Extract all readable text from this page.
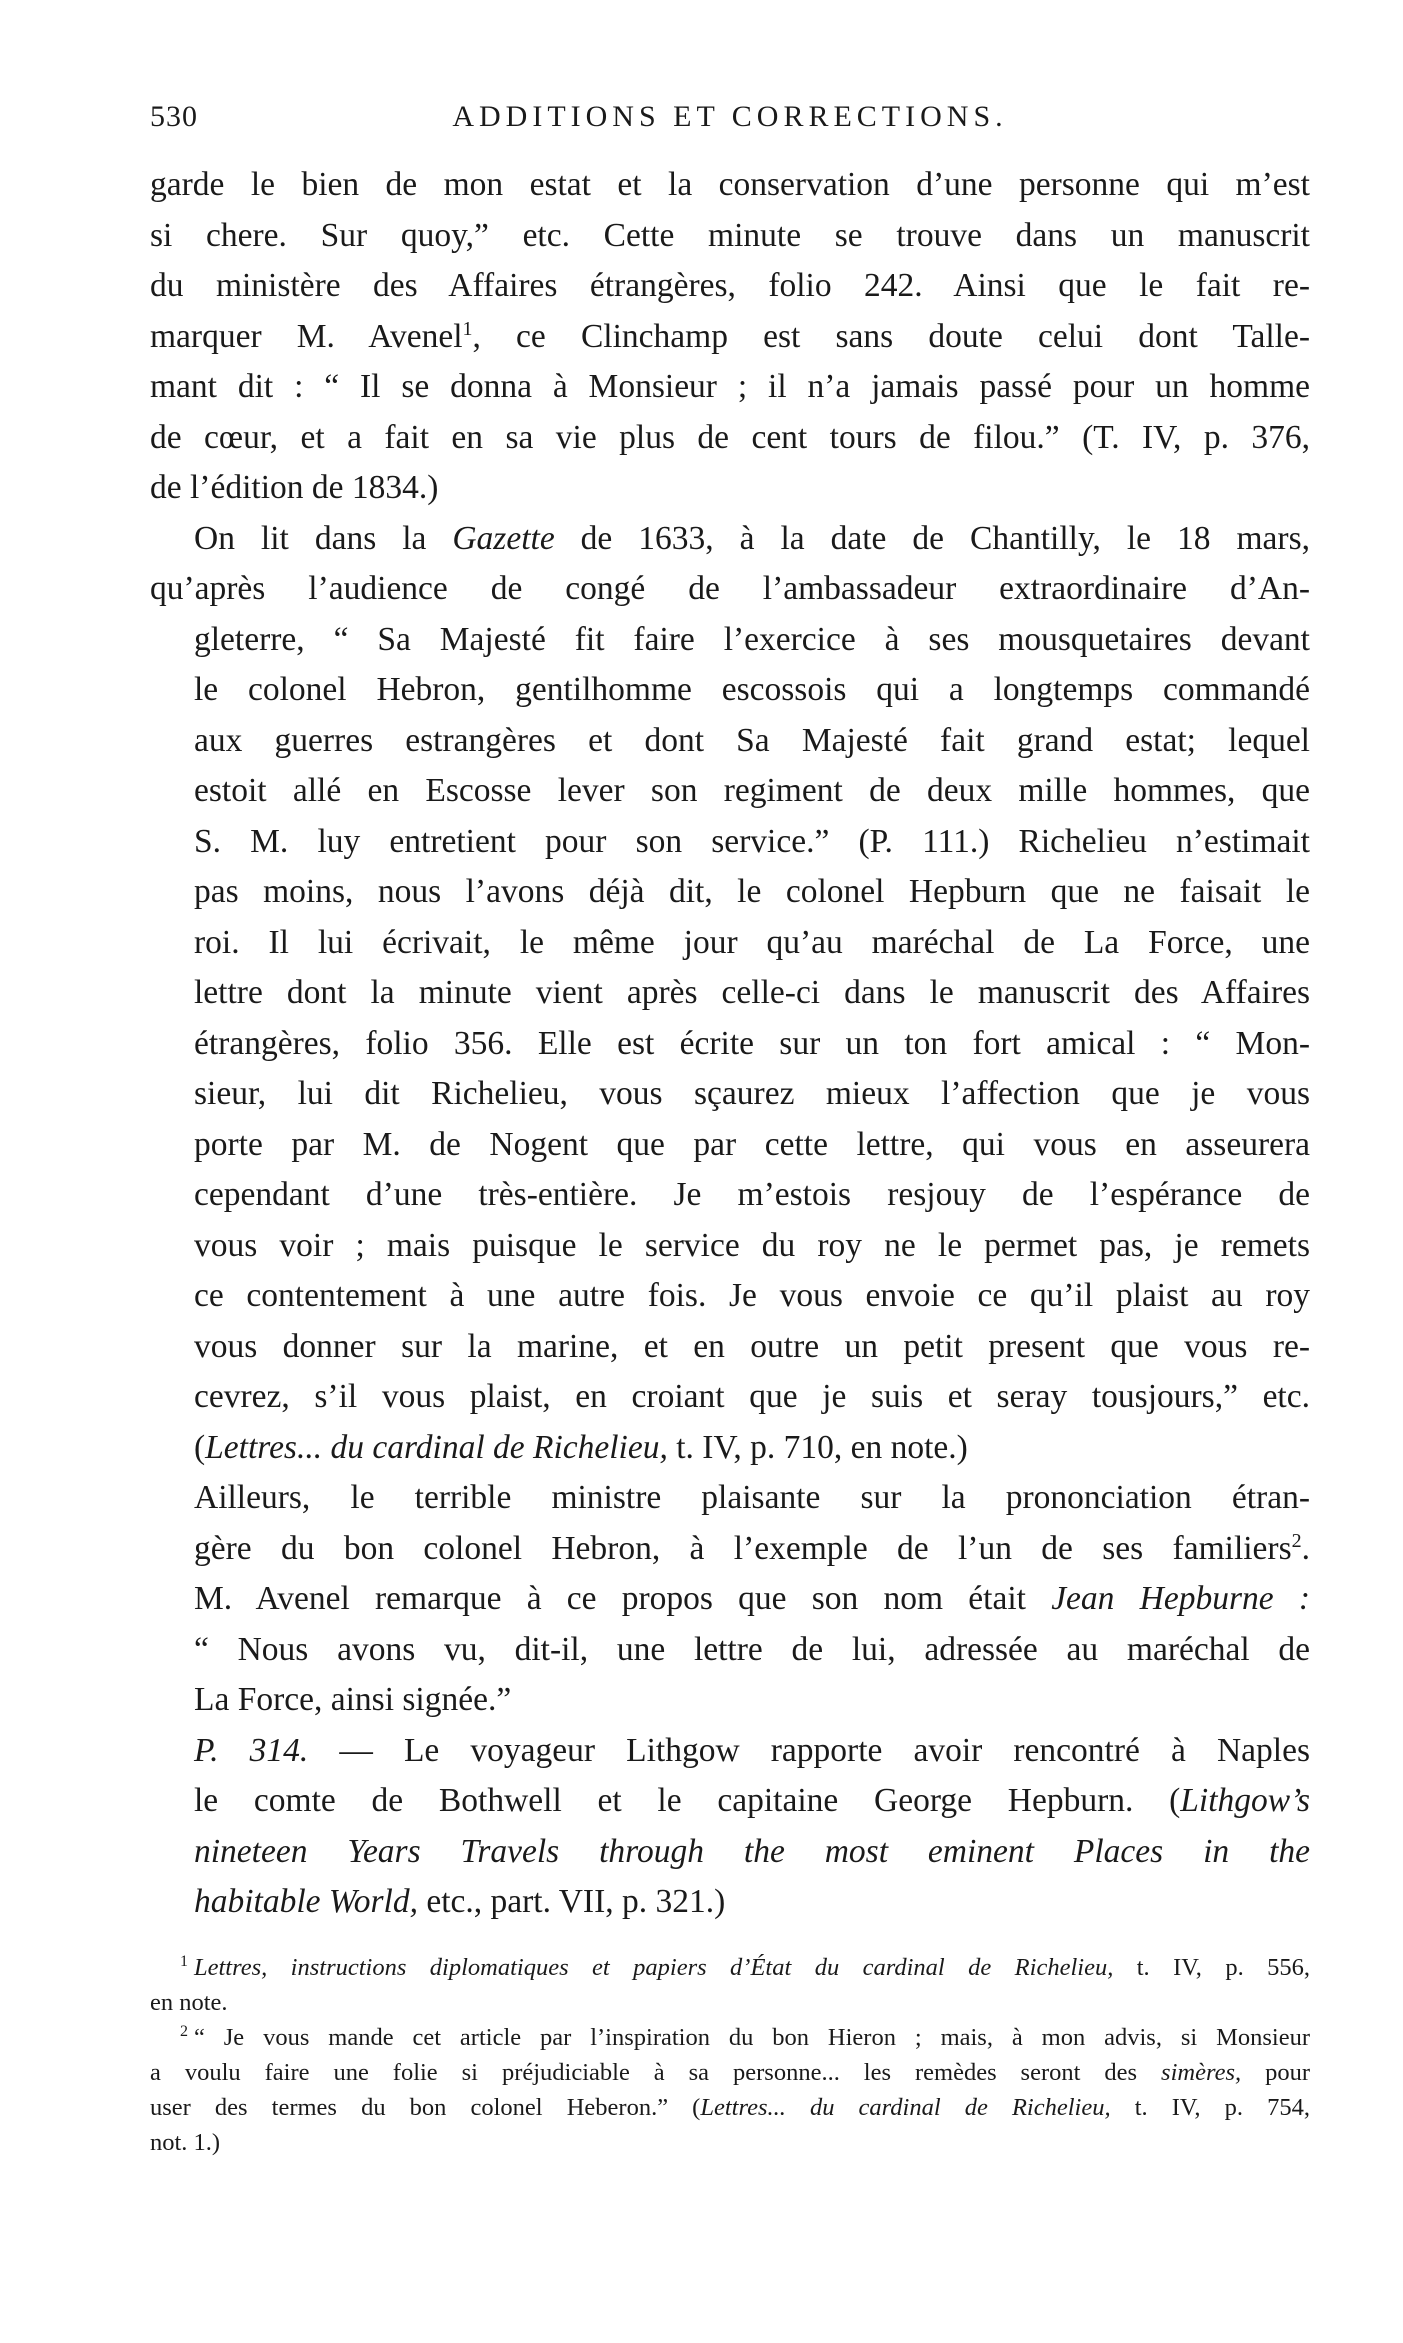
530	ADDITIONS ET CORRECTIONS.

garde le bien de mon estat et la conservation d’une personne qui m’est
si chere. Sur quoy,” etc. Cette minute se trouve dans un manuscrit
du ministère des Affaires étrangères, folio 242. Ainsi que le fait re-
marquer M. Avenel$^1$, ce Clinchamp est sans doute celui dont Talle-
mant dit : “ Il se donna à Monsieur ; il n’a jamais passé pour un homme
de cœur, et a fait en sa vie plus de cent tours de filou.” (T. IV, p. 376,
de l’édition de 1834.)

On lit dans la Gazette de 1633, à la date de Chantilly, le 18 mars,
qu’après l’audience de congé de l’ambassadeur extraordinaire d’An-
gleterre, “ Sa Majesté fit faire l’exercice à ses mousquetaires devant
le colonel Hebron, gentilhomme escossois qui a longtemps commandé
aux guerres estrangères et dont Sa Majesté fait grand estat; lequel
estoit allé en Escosse lever son regiment de deux mille hommes, que
S. M. luy entretient pour son service.” (P. 111.) Richelieu n’estimait
pas moins, nous l’avons déjà dit, le colonel Hepburn que ne faisait le
roi. Il lui écrivait, le même jour qu’au maréchal de La Force, une
lettre dont la minute vient après celle-ci dans le manuscrit des Affaires
étrangères, folio 356. Elle est écrite sur un ton fort amical : “ Mon-
sieur, lui dit Richelieu, vous sçaurez mieux l’affection que je vous
porte par M. de Nogent que par cette lettre, qui vous en asseurera
cependant d’une très-entière. Je m’estois resjouy de l’espérance de
vous voir ; mais puisque le service du roy ne le permet pas, je remets
ce contentement à une autre fois. Je vous envoie ce qu’il plaist au roy
vous donner sur la marine, et en outre un petit present que vous re-
cevrez, s’il vous plaist, en croiant que je suis et seray tousjours,” etc.
(Lettres... du cardinal de Richelieu, t. IV, p. 710, en note.)

Ailleurs, le terrible ministre plaisante sur la prononciation étran-
gère du bon colonel Hebron, à l’exemple de l’un de ses familiers$^2$.
M. Avenel remarque à ce propos que son nom était Jean Hepburne :
“ Nous avons vu, dit-il, une lettre de lui, adressée au maréchal de
La Force, ainsi signée.”

P. 314. — Le voyageur Lithgow rapporte avoir rencontré à Naples
le comte de Bothwell et le capitaine George Hepburn. (Lithgow’s
nineteen Years Travels through the most eminent Places in the
habitable World, etc., part. VII, p. 321.)

$^1$ Lettres, instructions diplomatiques et papiers d’État du cardinal de Richelieu, t. IV, p. 556,
en note.
$^2$ “ Je vous mande cet article par l’inspiration du bon Hieron ; mais, à mon advis, si Monsieur
a voulu faire une folie si préjudiciable à sa personne... les remèdes seront des simères, pour
user des termes du bon colonel Heberon.” (Lettres... du cardinal de Richelieu, t. IV, p. 754,
not. 1.)
